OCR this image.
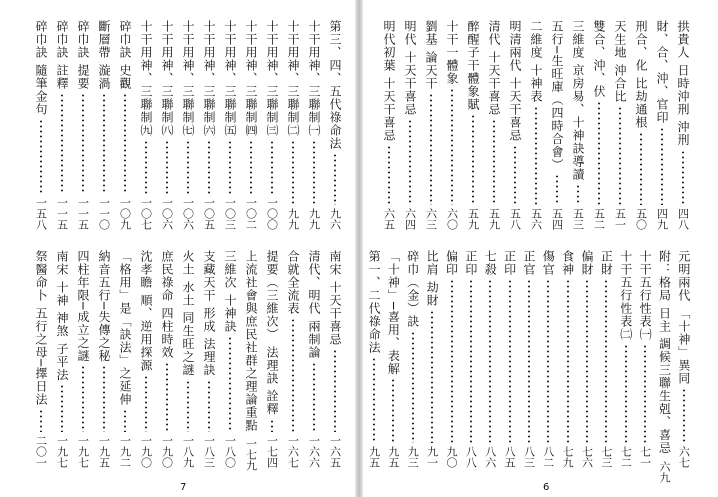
第三、四、五代祿命法
九六
十干用神、三聯制㈠
九九
十干用神、三聯制㈡
九九
十干用神、三聯制㈢
一〇〇
十干用神、三聯制㈣
一〇二
十干用神、三聯制㈤
一〇三
十干用神、三聯制㈥
一〇五
十干用神、三聯制㈦
一〇六
十干用神、三聯制㈧
一〇六
十干用神、三聯制㈨
一〇七
碎巾訣 史觀
一〇九
斷層帶 漩渦
一一〇
碎巾訣 提要
一一五
碎巾訣 註釋
一一五
碎巾訣 隨筆金句
一五八
南宋 十天干喜忌
一六五
清代、明代 兩制論
一六六
合就全流表
一六七
提要（三維次） 法理訣 詮釋
一七四
上流社會與庶民社群之理論重點
一七九
三維次 十神訣
一八〇
支藏天干 形成 法理訣
一八三
火土 水土 同生旺之謎
一八九
庶民祿命 四柱時效
一九〇
沈孝瞻 順、逆用探源
一九〇
「格用」是「訣法」之延伸
一九二
納音五行─失傳之秘
一九五
四柱年限─成立之謎
一九七
南宋 十神 神煞 子平法
一九七
祭醫命卜 五行之母─擇日法
二〇一
7
拱貴人 日時沖刑 沖刑
四八
財、合、沖、官印
四九
刑合、化 比劫通根
五〇
天生地 沖合比
五一
雙合、沖、伏
五二
三維度 京房易、十神訣導讀
五三
五行─生旺庫（四時合會）
五四
二維度 十神表
五六
明清兩代 十天干喜忌
五八
清代 十天干喜忌
五九
醉醒子干體象賦
五九
十干一體象
六〇
劉基 論天干
六三
明代 十天干喜忌
六四
明代初葉 十天干喜忌
六五
元明兩代 「十神」異同
六七
附：格局 日主 調候三聯生剋、喜忌
六九
十干五行性表㈠
七一
十干五行性表㈡
七二
正財
七三
偏財
七六
食神
七九
傷官
八二
正官
八三
正印
八五
七殺
八六
正印
八八
偏印
九〇
比肩 劫財
九一
碎巾（金）訣
九三
「十神」─喜用、表解
九五
第一、二代祿命法
九五
6
